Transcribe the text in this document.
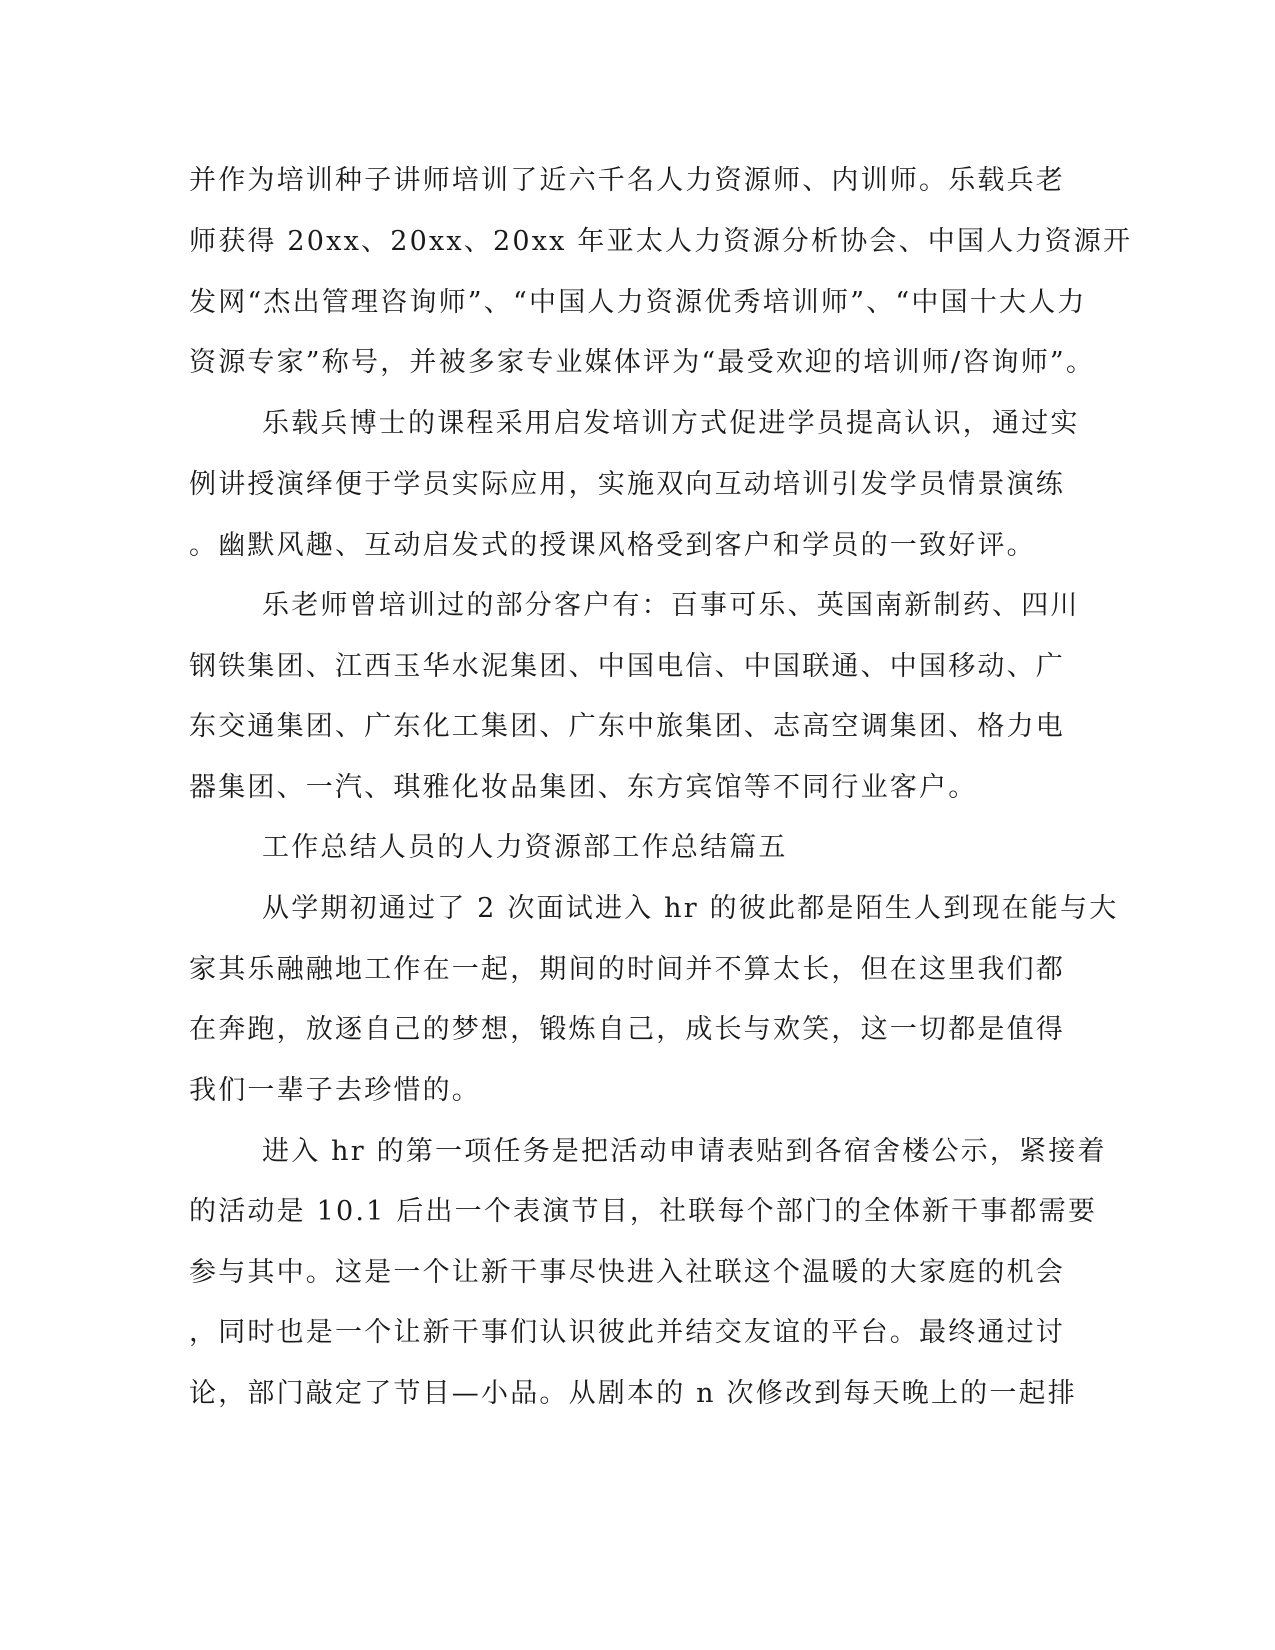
并作为培训种子讲师培训了近六千名人力资源师、内训师。乐载兵老
师获得 20xx、20xx、20xx 年亚太人力资源分析协会、中国人力资源开
发网“杰出管理咨询师”、“中国人力资源优秀培训师”、“中国十大人力
资源专家”称号，并被多家专业媒体评为“最受欢迎的培训师/咨询师”。
乐载兵博士的课程采用启发培训方式促进学员提高认识，通过实
例讲授演绎便于学员实际应用，实施双向互动培训引发学员情景演练
。幽默风趣、互动启发式的授课风格受到客户和学员的一致好评。
乐老师曾培训过的部分客户有：百事可乐、英国南新制药、四川
钢铁集团、江西玉华水泥集团、中国电信、中国联通、中国移动、广
东交通集团、广东化工集团、广东中旅集团、志高空调集团、格力电
器集团、一汽、琪雅化妆品集团、东方宾馆等不同行业客户。
工作总结人员的人力资源部工作总结篇五
从学期初通过了 2 次面试进入 hr 的彼此都是陌生人到现在能与大
家其乐融融地工作在一起，期间的时间并不算太长，但在这里我们都
在奔跑，放逐自己的梦想，锻炼自己，成长与欢笑，这一切都是值得
我们一辈子去珍惜的。
进入 hr 的第一项任务是把活动申请表贴到各宿舍楼公示，紧接着
的活动是 10.1 后出一个表演节目，社联每个部门的全体新干事都需要
参与其中。这是一个让新干事尽快进入社联这个温暖的大家庭的机会
，同时也是一个让新干事们认识彼此并结交友谊的平台。最终通过讨
论，部门敲定了节目—小品。从剧本的 n 次修改到每天晚上的一起排
